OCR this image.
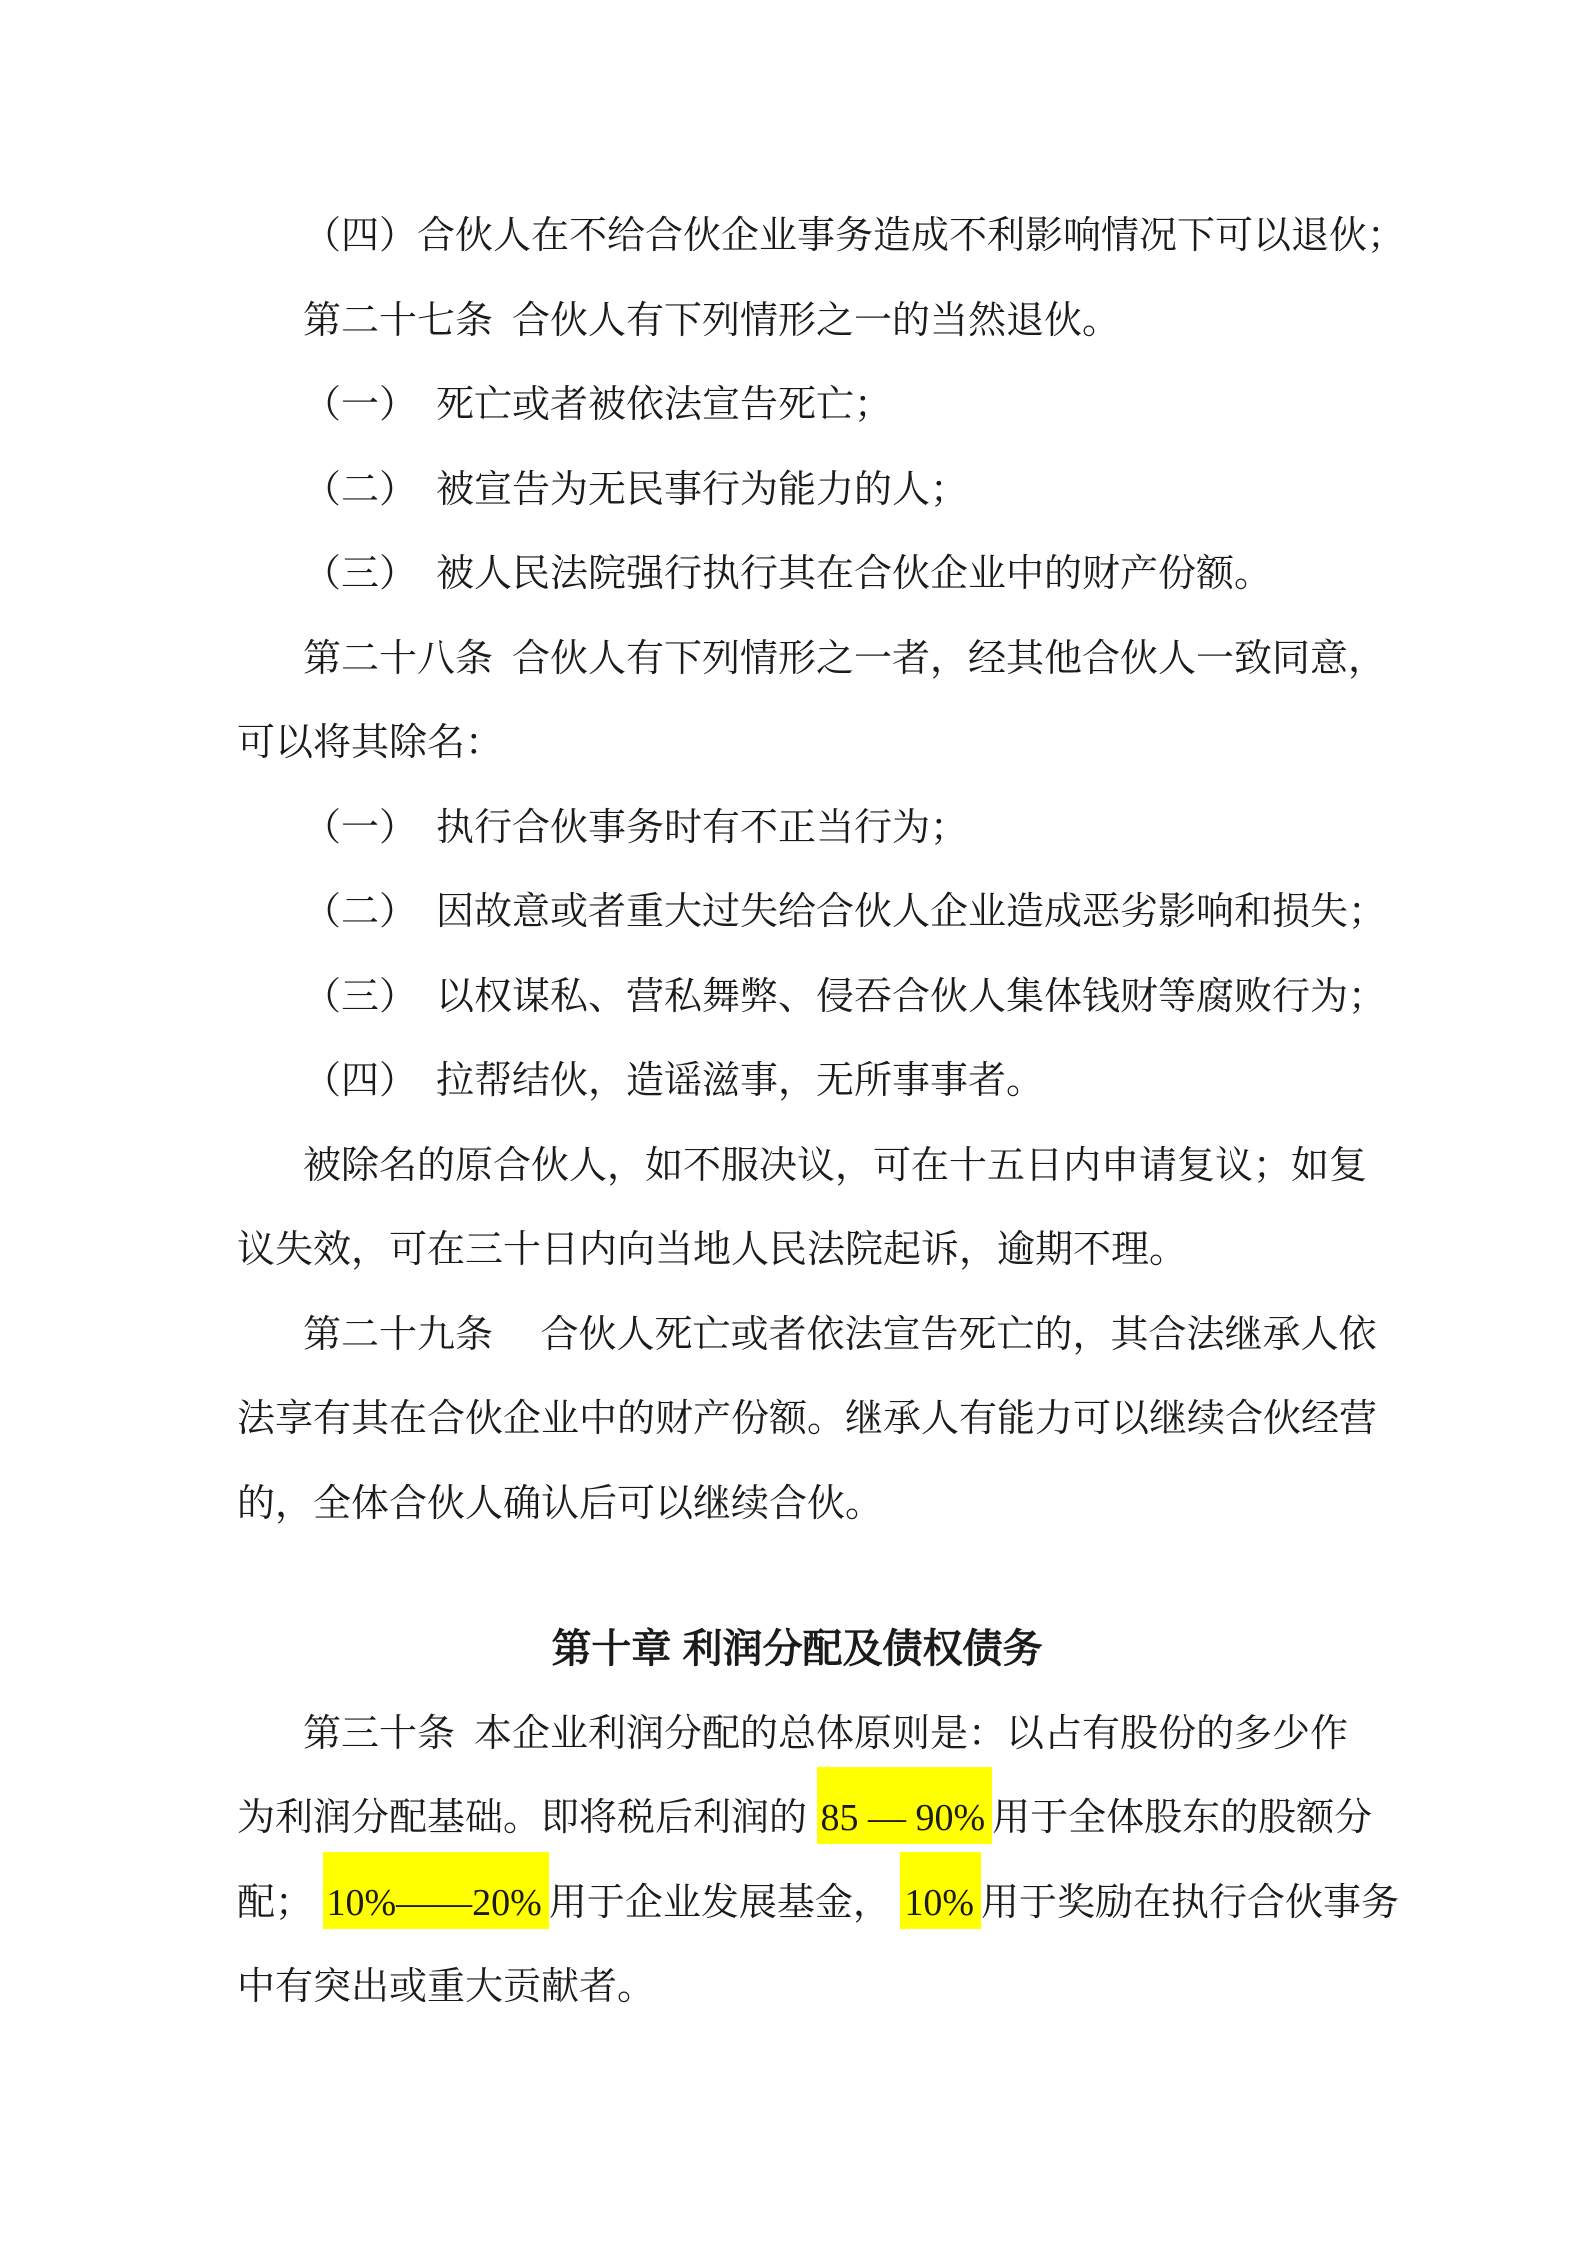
（四）合伙人在不给合伙企业事务造成不利影响情况下可以退伙；
第二十七条  合伙人有下列情形之一的当然退伙。
（一）  死亡或者被依法宣告死亡；
（二）  被宣告为无民事行为能力的人；
（三）  被人民法院强行执行其在合伙企业中的财产份额。
第二十八条  合伙人有下列情形之一者，经其他合伙人一致同意，
可以将其除名：
（一）  执行合伙事务时有不正当行为；
（二）  因故意或者重大过失给合伙人企业造成恶劣影响和损失；
（三）  以权谋私、营私舞弊、侵吞合伙人集体钱财等腐败行为；
（四）  拉帮结伙，造谣滋事，无所事事者。
被除名的原合伙人，如不服决议，可在十五日内申请复议；如复
议失效，可在三十日内向当地人民法院起诉，逾期不理。
第二十九条　 合伙人死亡或者依法宣告死亡的，其合法继承人依
法享有其在合伙企业中的财产份额。继承人有能力可以继续合伙经营
的，全体合伙人确认后可以继续合伙。
第十章 利润分配及债权债务
第三十条  本企业利润分配的总体原则是：以占有股份的多少作
为利润分配基础。即将税后利润的 85 — 90% 用于全体股东的股额分
配； 10%——20% 用于企业发展基金， 10% 用于奖励在执行合伙事务
中有突出或重大贡献者。
